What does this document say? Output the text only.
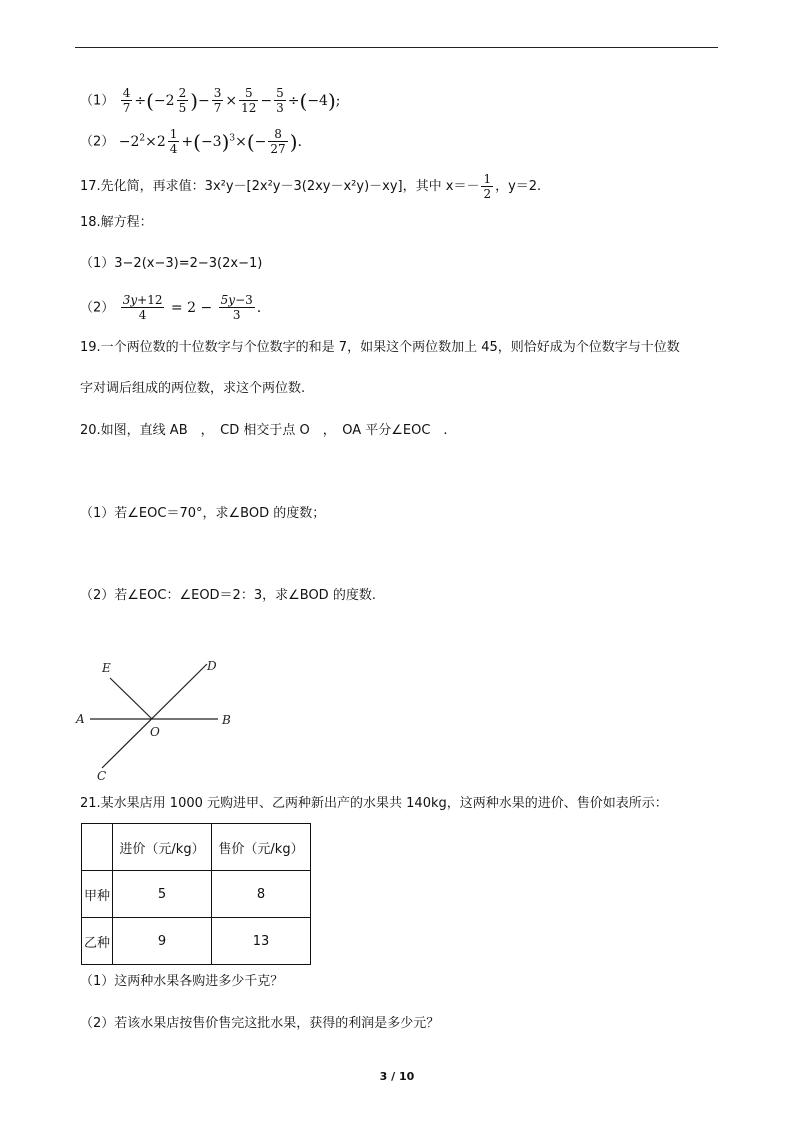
$(1) \frac{4}{7} \div(-2 \frac{2}{5}$ )− $\frac{3}{7} \times \frac{5}{12} - \frac{5}{3} \div(-4)$;
$(2) -2^2\times 2 \frac{1}{4} +(-3)^3\times(- \frac{8}{27}$ ).
17.先化简，再求值：3x²y－[2x²y－3(2xy－x²y)－xy]，其中 $x=- \frac{1}{2}$ ，y＝2.
18.解方程：
（1）3−2(x−3)=2−3(2x−1)
$(2) \frac{3y+12}{4} = 2 - \frac{5y-3}{3}$ .
19.一个两位数的十位数字与个位数字的和是 7，如果这个两位数加上 45，则恰好成为个位数字与十位数
字对调后组成的两位数，求这个两位数.
20.如图，直线 AB　，　CD 相交于点 O　，　OA 平分∠EOC　.
（1）若∠EOC＝70°，求∠BOD 的度数；
（2）若∠EOC：∠EOD＝2：3，求∠BOD 的度数.
E	D
A
O
B
C
21.某水果店用 1000 元购进甲、乙两种新出产的水果共 140kg，这两种水果的进价、售价如表所示：
	进价（元/kg）	售价（元/kg）
甲种	5	8
乙种	9	13
（1）这两种水果各购进多少千克？
（2）若该水果店按售价售完这批水果，获得的利润是多少元？
3 / 10
